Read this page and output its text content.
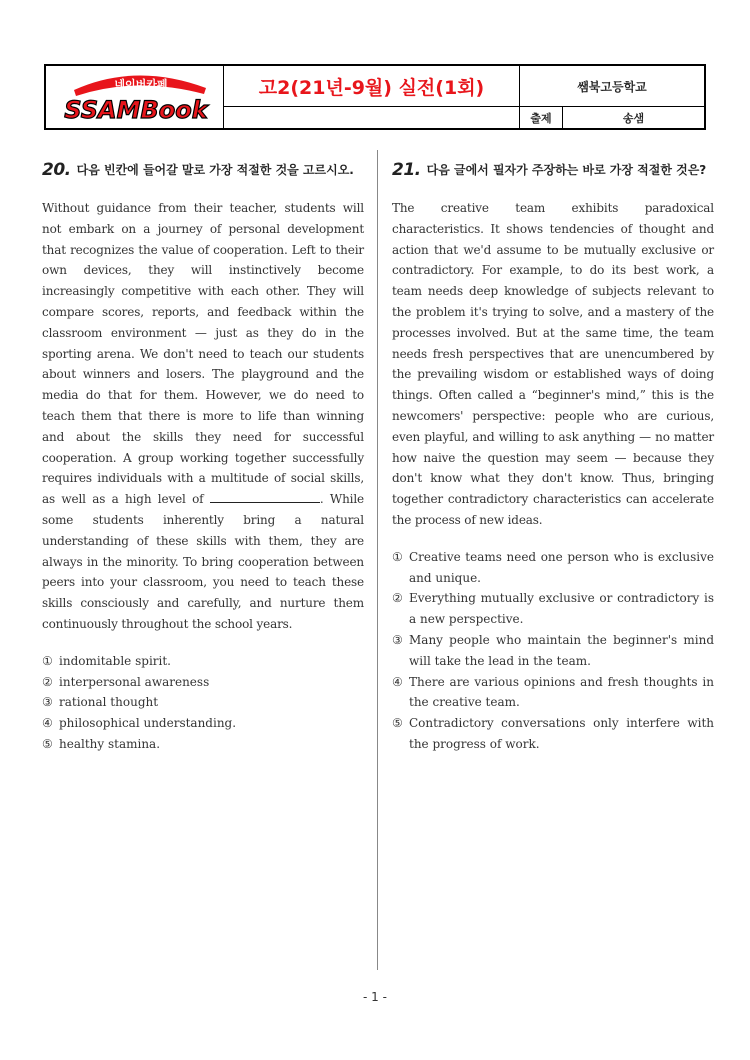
네이버카페
SSAMBook
고2(21년-9월) 실전(1회)	쌤북고등학교
출제	송샘
20. 다음 빈칸에 들어갈 말로 가장 적절한 것을 고르시오.

Without guidance from their teacher, students will not embark on a journey of personal development that recognizes the value of cooperation. Left to their own devices, they will instinctively become increasingly competitive with each other. They will compare scores, reports, and feedback within the classroom environment — just as they do in the sporting arena. We don't need to teach our students about winners and losers. The playground and the media do that for them. However, we do need to teach them that there is more to life than winning and about the skills they need for successful cooperation. A group working together successfully requires individuals with a multitude of social skills, as well as a high level of	. While some students inherently bring a natural understanding of these skills with them, they are always in the minority. To bring cooperation between peers into your classroom, you need to teach these skills consciously and carefully, and nurture them continuously throughout the school years.

① indomitable spirit.
② interpersonal awareness
③ rational thought
④ philosophical understanding.
⑤ healthy stamina.
21. 다음 글에서 필자가 주장하는 바로 가장 적절한 것은?

The creative team exhibits paradoxical characteristics. It shows tendencies of thought and action that we'd assume to be mutually exclusive or contradictory. For example, to do its best work, a team needs deep knowledge of subjects relevant to the problem it's trying to solve, and a mastery of the processes involved. But at the same time, the team needs fresh perspectives that are unencumbered by the prevailing wisdom or established ways of doing things. Often called a “beginner's mind,” this is the newcomers' perspective: people who are curious, even playful, and willing to ask anything — no matter how naive the question may seem — because they don't know what they don't know. Thus, bringing together contradictory characteristics can accelerate the process of new ideas.

① Creative teams need one person who is exclusive and unique.
② Everything mutually exclusive or contradictory is a new perspective.
③ Many people who maintain the beginner's mind will take the lead in the team.
④ There are various opinions and fresh thoughts in the creative team.
⑤ Contradictory conversations only interfere with the progress of work.
- 1 -
